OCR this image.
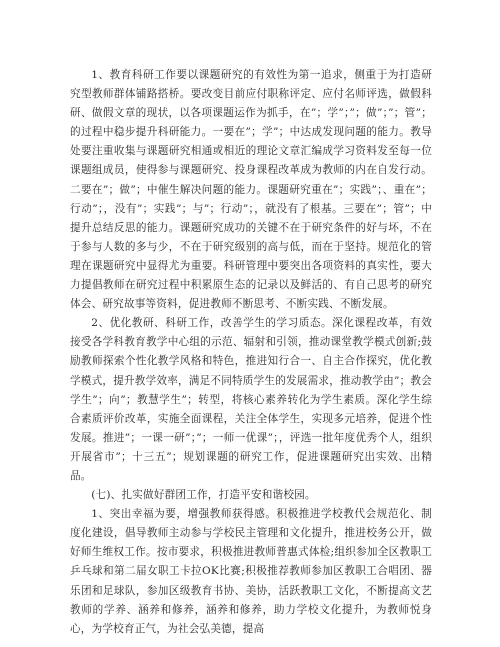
1、教育科研工作要以课题研究的有效性为第一追求，侧重于为打造研究型教师群体铺路搭桥。要改变目前应付职称评定、应付名师评选，做假科研、做假文章的现状，以各项课题运作为抓手，在”；学”；”；做”；”；管”；的过程中稳步提升科研能力。一要在”；学”；中达成发现问题的能力。教导处要注重收集与课题研究相通或相近的理论文章汇编成学习资料发至每一位课题组成员，使得参与课题研究、投身课程改革成为教师的内在自发行动。二要在”；做”；中催生解决问题的能力。课题研究重在”；实践”；、重在”；行动”；，没有”；实践”；与”；行动”；，就没有了根基。三要在”；管”；中提升总结反思的能力。课题研究成功的关键不在于研究条件的好与坏，不在于参与人数的多与少，不在于研究级别的高与低，而在于坚持。规范化的管理在课题研究中显得尤为重要。科研管理中要突出各项资料的真实性，要大力提倡教师在研究过程中积累原生态的记录以及鲜活的、有自己思考的研究体会、研究故事等资料，促进教师不断思考、不断实践、不断发展。

2、优化教研、科研工作，改善学生的学习质态。深化课程改革，有效接受各学科教育教学中心组的示范、辐射和引领，推动课堂教学模式创新;鼓励教师探索个性化教学风格和特色，推进知行合一、自主合作探究，优化教学模式，提升教学效率，满足不同特质学生的发展需求，推动教学由”；教会学生”；向”；教慧学生”；转型，将核心素养转化为学生素质。深化学生综合素质评价改革，实施全面课程，关注全体学生，实现多元培养，促进个性发展。推进”；一课一研”；”；一师一优课”；，评选一批年度优秀个人，组织开展省市”；十三五”；规划课题的研究工作，促进课题研究出实效、出精品。

(七)、扎实做好群团工作，打造平安和谐校园。

1、突出幸福为要，增强教师获得感。积极推进学校教代会规范化、制度化建设，倡导教师主动参与学校民主管理和文化提升，推进校务公开，做好师生维权工作。按市要求，积极推进教师普惠式体检;组织参加全区教职工乒乓球和第二届女职工卡拉OK比赛;积极推荐教师参加区教职工合唱团、器乐团和足球队，参加区级教育书协、美协，活跃教职工文化，不断提高文艺教师的学养、涵养和修养，涵养和修养，助力学校文化提升，为教师悦身心，为学校育正气，为社会弘美德，提高
